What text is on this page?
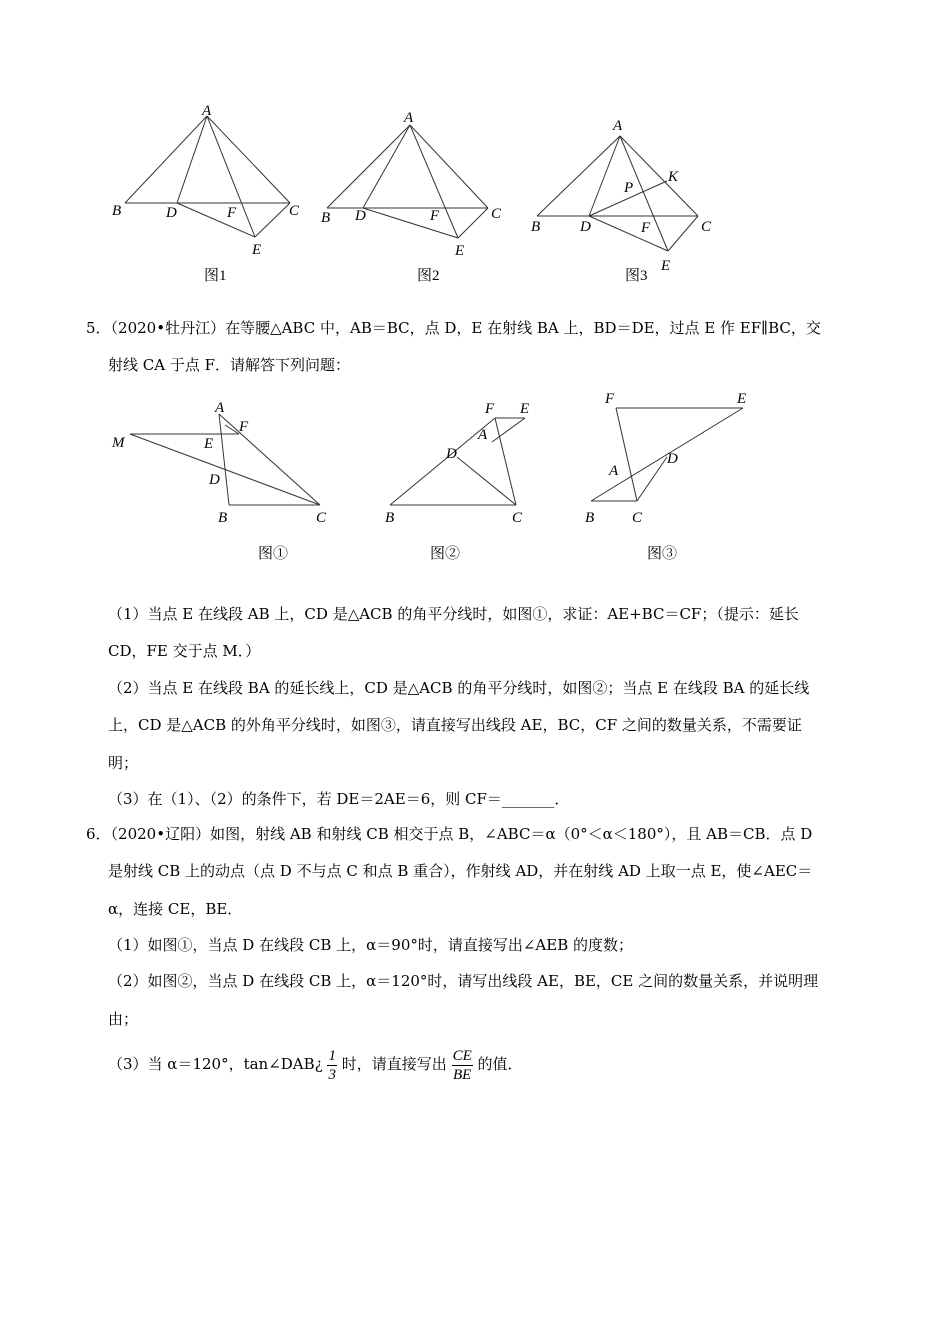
A
B	D	F	C
E
图1
A
B D	F	C
E
图2
A
P
K
B	D	F	C
E
图3
5．（2020•牡丹江）在等腰△ABC 中，AB＝BC，点 D，E 在射线 BA 上，BD＝DE，过点 E 作 EF∥BC，交
射线 CA 于点 F．请解答下列问题：
A
F
M	E
D
B	C
图①
F E
A
D
B	C
图②
F	E
A
D
B	C
图③
（1）当点 E 在线段 AB 上，CD 是△ACB 的角平分线时，如图①，求证：AE+BC＝CF；（提示：延长
CD，FE 交于点 M．）
（2）当点 E 在线段 BA 的延长线上，CD 是△ACB 的角平分线时，如图②；当点 E 在线段 BA 的延长线
上，CD 是△ACB 的外角平分线时，如图③，请直接写出线段 AE，BC，CF 之间的数量关系，不需要证
明；
（3）在（1）、（2）的条件下，若 DE＝2AE＝6，则 CF＝_______．
6．（2020•辽阳）如图，射线 AB 和射线 CB 相交于点 B，∠ABC＝α（0°＜α＜180°），且 AB＝CB．点 D
是射线 CB 上的动点（点 D 不与点 C 和点 B 重合），作射线 AD，并在射线 AD 上取一点 E，使∠AEC＝
α，连接 CE，BE．
（1）如图①，当点 D 在线段 CB 上，α＝90°时，请直接写出∠AEB 的度数；
（2）如图②，当点 D 在线段 CB 上，α＝120°时，请写出线段 AE，BE，CE 之间的数量关系，并说明理
由；
（3）当 α＝120°，tan∠DAB¿ $\frac{1}{3}$ 时，请直接写出 $\frac{CE}{BE}$ 的值．
